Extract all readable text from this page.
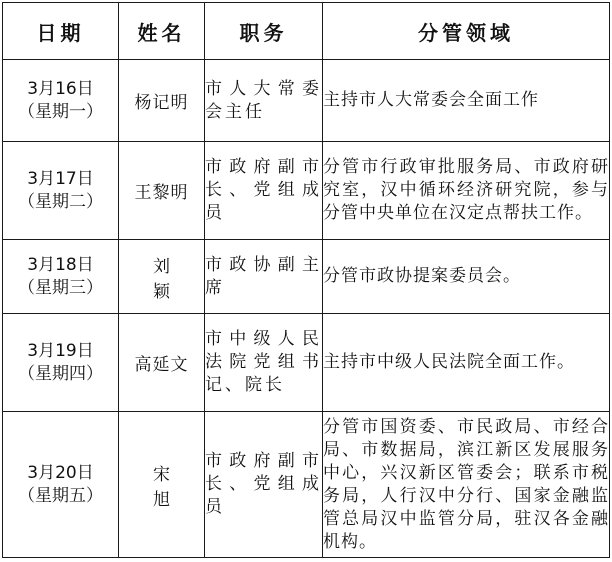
日期	姓名	职务	分管领域

3月16日
（星期一）	杨记明	市人大常委会主任	主持市人大常委会全面工作

3月17日
（星期二）	王黎明	市政府副市长、党组成员	分管市行政审批服务局、市政府研究室，汉中循环经济研究院，参与分管中央单位在汉定点帮扶工作。

3月18日
（星期三）	刘颖	市政协副主席	分管市政协提案委员会。

3月19日
（星期四）	高延文	市中级人民法院党组书记、院长	主持市中级人民法院全面工作。

3月20日
（星期五）	宋旭	市政府副市长、党组成员	分管市国资委、市民政局、市经合局、市数据局，滨江新区发展服务中心，兴汉新区管委会；联系市税务局，人行汉中分行、国家金融监管总局汉中监管分局，驻汉各金融机构。
